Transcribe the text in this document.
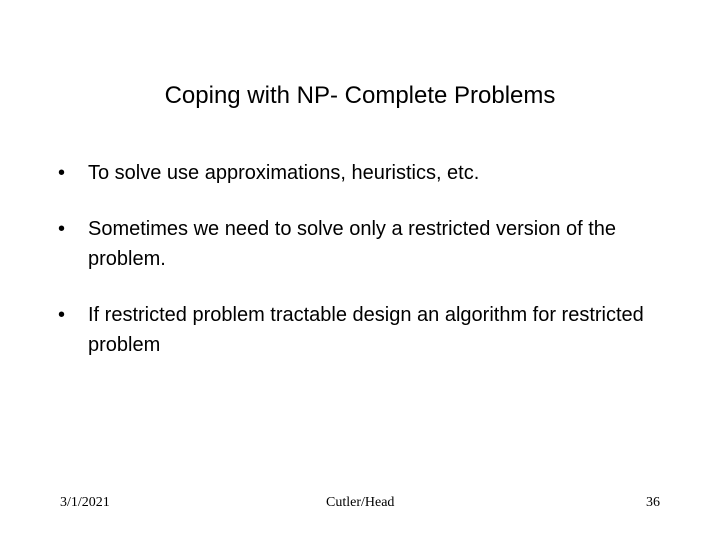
Coping with NP- Complete Problems
•	To solve use approximations, heuristics, etc.
•	Sometimes we need to solve only a restricted version of the problem.
•	If restricted problem tractable design an algorithm for restricted problem
3/1/2021	Cutler/Head	36
